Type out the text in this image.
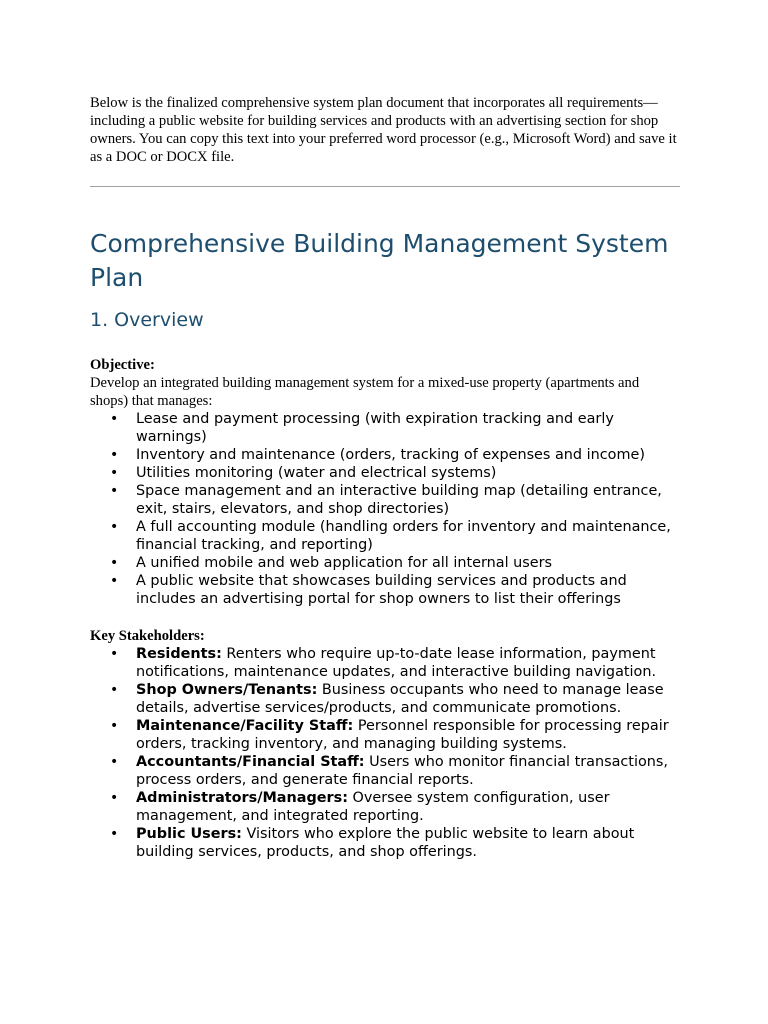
Below is the finalized comprehensive system plan document that incorporates all requirements—including a public website for building services and products with an advertising section for shop owners. You can copy this text into your preferred word processor (e.g., Microsoft Word) and save it as a DOC or DOCX file.

Comprehensive Building Management System Plan
1. Overview

Objective:

Develop an integrated building management system for a mixed-use property (apartments and shops) that manages:

• Lease and payment processing (with expiration tracking and early warnings)
• Inventory and maintenance (orders, tracking of expenses and income)
• Utilities monitoring (water and electrical systems)
• Space management and an interactive building map (detailing entrance, exit, stairs, elevators, and shop directories)
• A full accounting module (handling orders for inventory and maintenance, financial tracking, and reporting)
• A unified mobile and web application for all internal users
• A public website that showcases building services and products and includes an advertising portal for shop owners to list their offerings

Key Stakeholders:

• Residents: Renters who require up-to-date lease information, payment notifications, maintenance updates, and interactive building navigation.
• Shop Owners/Tenants: Business occupants who need to manage lease details, advertise services/products, and communicate promotions.
• Maintenance/Facility Staff: Personnel responsible for processing repair orders, tracking inventory, and managing building systems.
• Accountants/Financial Staff: Users who monitor financial transactions, process orders, and generate financial reports.
• Administrators/Managers: Oversee system configuration, user management, and integrated reporting.
• Public Users: Visitors who explore the public website to learn about building services, products, and shop offerings.
